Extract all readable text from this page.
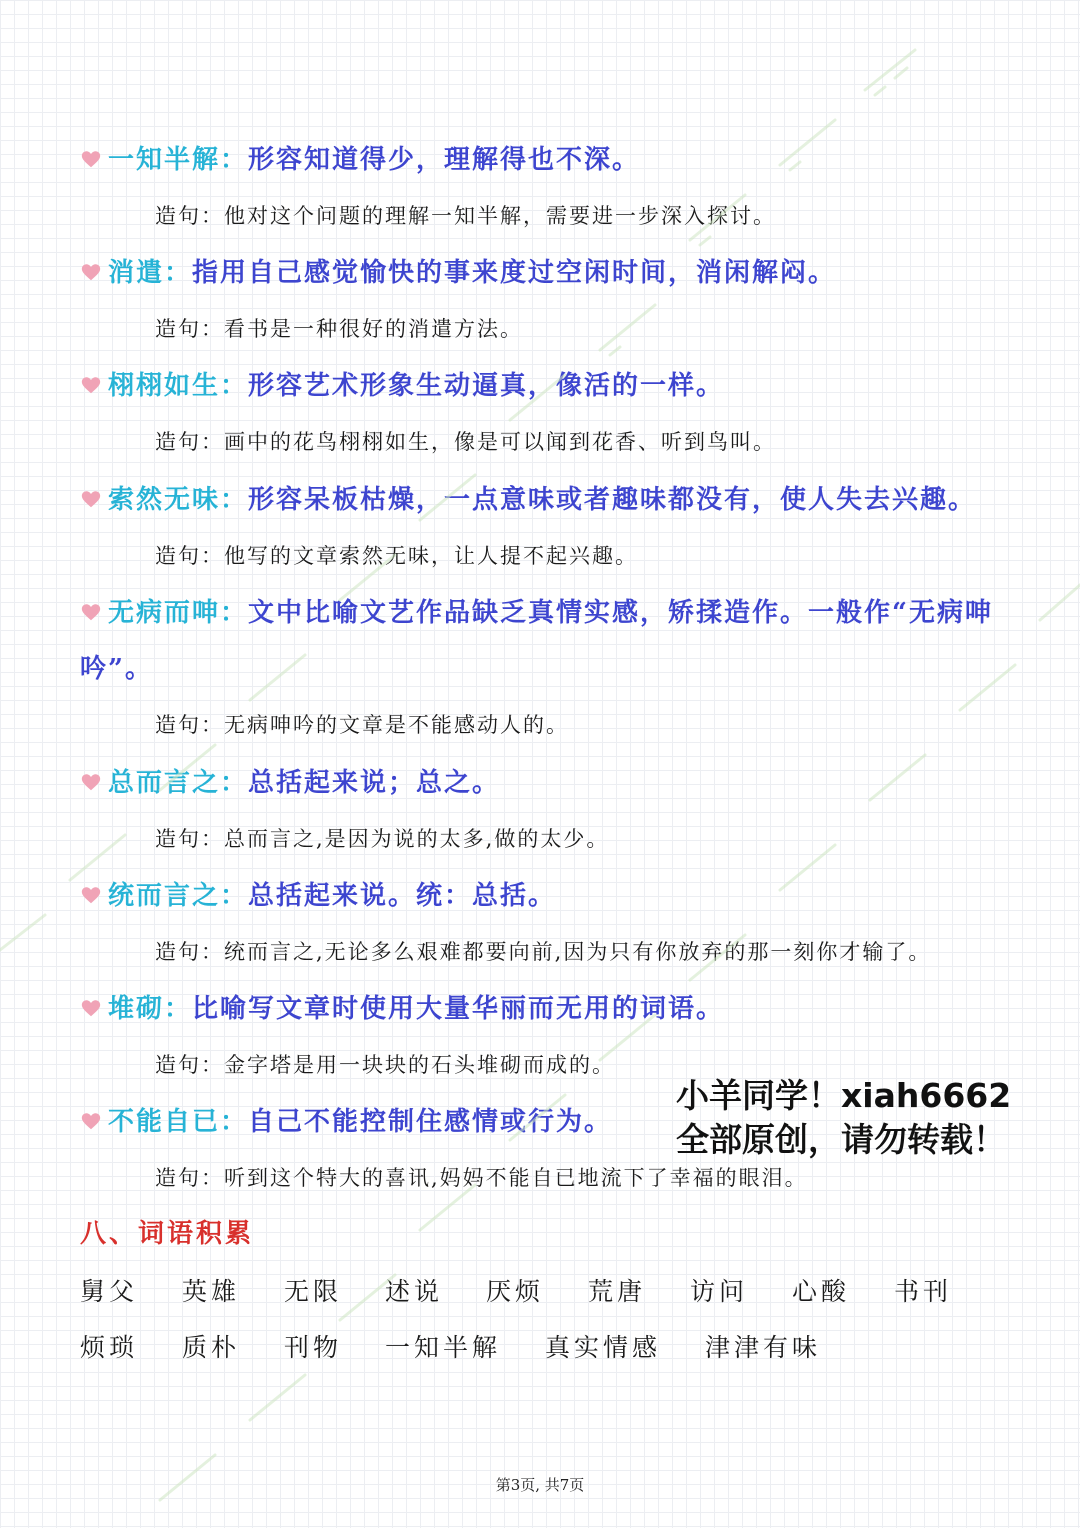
一知半解：形容知道得少，理解得也不深。
造句：他对这个问题的理解一知半解，需要进一步深入探讨。
消遣：指用自己感觉愉快的事来度过空闲时间，消闲解闷。
造句：看书是一种很好的消遣方法。
栩栩如生：形容艺术形象生动逼真，像活的一样。
造句：画中的花鸟栩栩如生，像是可以闻到花香、听到鸟叫。
索然无味：形容呆板枯燥，一点意味或者趣味都没有，使人失去兴趣。
造句：他写的文章索然无味，让人提不起兴趣。
无病而呻：文中比喻文艺作品缺乏真情实感，矫揉造作。一般作“无病呻吟”。
造句：无病呻吟的文章是不能感动人的。
总而言之：总括起来说；总之。
造句：总而言之,是因为说的太多,做的太少。
统而言之：总括起来说。统：总括。
造句：统而言之,无论多么艰难都要向前,因为只有你放弃的那一刻你才输了。
堆砌：比喻写文章时使用大量华丽而无用的词语。
造句：金字塔是用一块块的石头堆砌而成的。
不能自已：自己不能控制住感情或行为。
造句：听到这个特大的喜讯,妈妈不能自已地流下了幸福的眼泪。
小羊同学！xiah6662
全部原创，请勿转载！
八、词语积累
舅父 英雄 无限 述说 厌烦 荒唐 访问 心酸 书刊
烦琐 质朴 刊物 一知半解 真实情感 津津有味
第3页, 共7页
